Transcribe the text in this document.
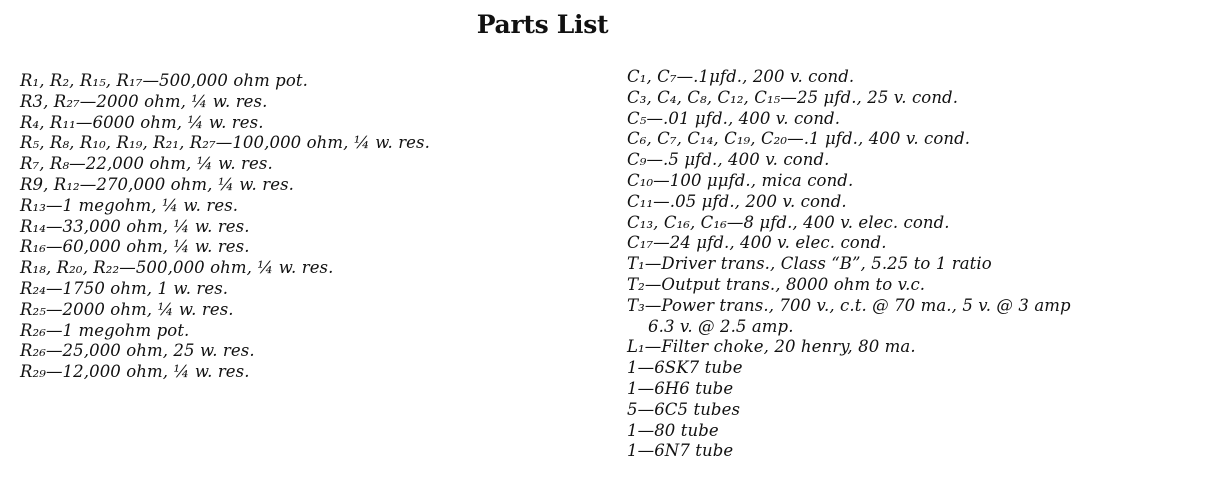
Parts List
R₁, R₂, R₁₅, R₁₇—500,000 ohm pot.
R3, R₂₇—2000 ohm, ¼ w. res.
R₄, R₁₁—6000 ohm, ¼ w. res.
R₅, R₈, R₁₀, R₁₉, R₂₁, R₂₇—100,000 ohm, ¼ w. res.
R₇, R₈—22,000 ohm, ¼ w. res.
R9, R₁₂—270,000 ohm, ¼ w. res.
R₁₃—1 megohm, ¼ w. res.
R₁₄—33,000 ohm, ¼ w. res.
R₁₆—60,000 ohm, ¼ w. res.
R₁₈, R₂₀, R₂₂—500,000 ohm, ¼ w. res.
R₂₄—1750 ohm, 1 w. res.
R₂₅—2000 ohm, ¼ w. res.
R₂₆—1 megohm pot.
R₂₆—25,000 ohm, 25 w. res.
R₂₉—12,000 ohm, ¼ w. res.
C₁, C₇—.1μfd., 200 v. cond.
C₃, C₄, C₈, C₁₂, C₁₅—25 μfd., 25 v. cond.
C₅—.01 μfd., 400 v. cond.
C₆, C₇, C₁₄, C₁₉, C₂₀—.1 μfd., 400 v. cond.
C₉—.5 μfd., 400 v. cond.
C₁₀—100 μμfd., mica cond.
C₁₁—.05 μfd., 200 v. cond.
C₁₃, C₁₆, C₁₆—8 μfd., 400 v. elec. cond.
C₁₇—24 μfd., 400 v. elec. cond.
T₁—Driver trans., Class “B”, 5.25 to 1 ratio
T₂—Output trans., 8000 ohm to v.c.
T₃—Power trans., 700 v., c.t. @ 70 ma., 5 v. @ 3 amp
6.3 v. @ 2.5 amp.
L₁—Filter choke, 20 henry, 80 ma.
1—6SK7 tube
1—6H6 tube
5—6C5 tubes
1—80 tube
1—6N7 tube
